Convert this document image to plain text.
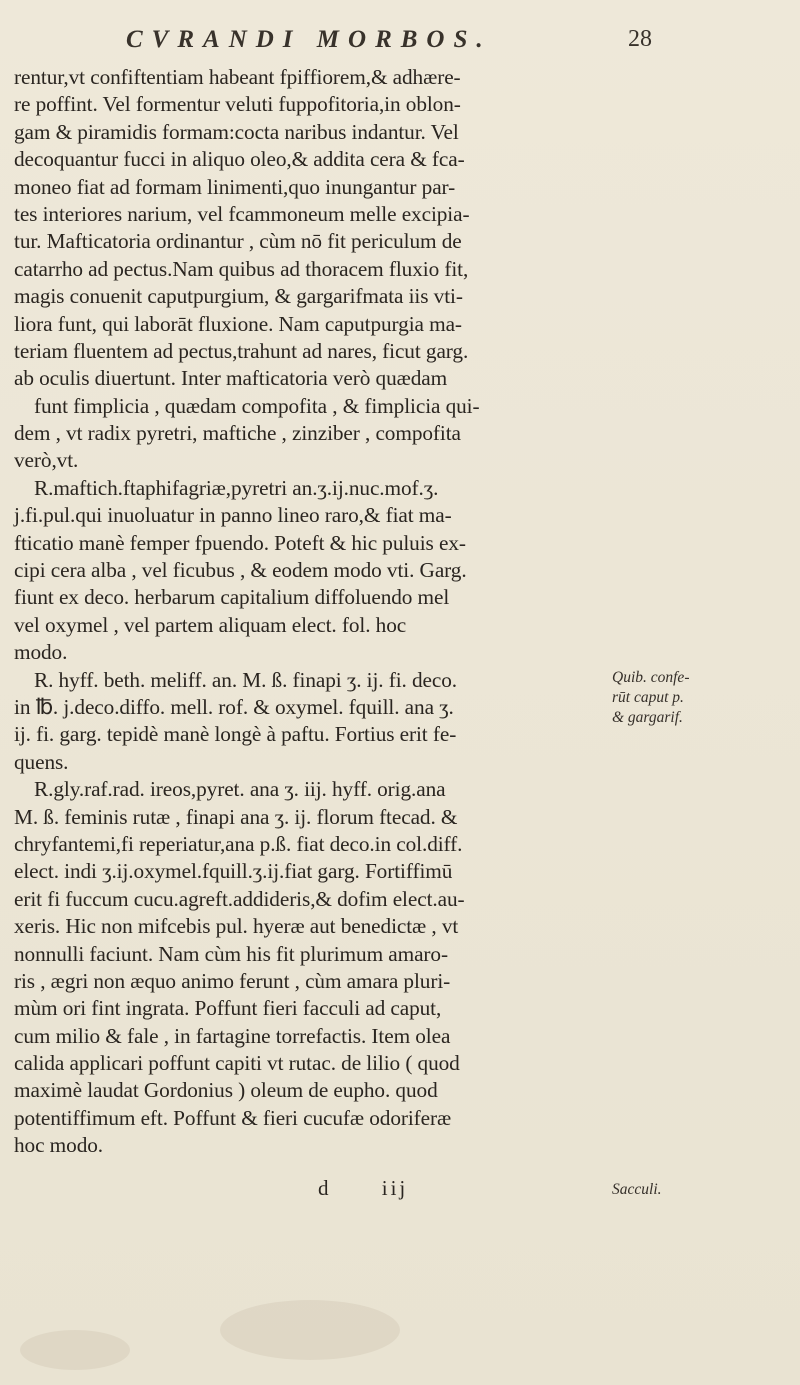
CVRANDI MORBOS.	28
rentur,vt confiftentiam habeant fpiffiorem,& adhære-
re poffint. Vel formentur veluti fuppofitoria,in oblon-
gam & piramidis formam:cocta naribus indantur. Vel
decoquantur fucci in aliquo oleo,& addita cera & fca-
moneo fiat ad formam linimenti,quo inungantur par-
tes interiores narium, vel fcammoneum melle excipia-
tur. Mafticatoria ordinantur , cùm nō fit periculum de
catarrho ad pectus.Nam quibus ad thoracem fluxio fit,
magis conuenit caputpurgium, & gargarifmata iis vti-
liora funt, qui laborāt fluxione. Nam caputpurgia ma-
teriam fluentem ad pectus,trahunt ad nares, ficut garg.
ab oculis diuertunt. Inter mafticatoria verò quædam
funt fimplicia , quædam compofita , & fimplicia qui-
dem , vt radix pyretri, maftiche , zinziber , compofita
verò,vt.
R.maftich.ftaphifagriæ,pyretri an.ʒ.ij.nuc.mof.ʒ.
j.fi.pul.qui inuoluatur in panno lineo raro,& fiat ma-
fticatio manè femper fpuendo. Poteft & hic puluis ex-
cipi cera alba , vel ficubus , & eodem modo vti. Garg.
fiunt ex deco. herbarum capitalium diffoluendo mel
vel oxymel , vel partem aliquam elect. fol. hoc
modo.
R. hyff. beth. meliff. an. M. ß. finapi ʒ. ij. fi. deco.
in ℔. j.deco.diffo. mell. rof. & oxymel. fquill. ana ʒ.
ij. fi. garg. tepidè manè longè à paftu. Fortius erit fe-
quens.
R.gly.raf.rad. ireos,pyret. ana ʒ. iij. hyff. orig.ana
M. ß. feminis rutæ , finapi ana ʒ. ij. florum ftecad. &
chryfantemi,fi reperiatur,ana p.ß. fiat deco.in col.diff.
elect. indi ʒ.ij.oxymel.fquill.ʒ.ij.fiat garg. Fortiffimū
erit fi fuccum cucu.agreft.addideris,& dofim elect.au-
xeris. Hic non mifcebis pul. hyeræ aut benedictæ , vt
nonnulli faciunt. Nam cùm his fit plurimum amaro-
ris , ægri non æquo animo ferunt , cùm amara pluri-
mùm ori fint ingrata. Poffunt fieri facculi ad caput,
cum milio & fale , in fartagine torrefactis. Item olea
calida applicari poffunt capiti vt rutac. de lilio ( quod
maximè laudat Gordonius ) oleum de eupho. quod
potentiffimum eft. Poffunt & fieri cucufæ odoriferæ
hoc modo.
Quib. confe-
rūt caput p.
& gargarif.
Sacculi.
d iij
